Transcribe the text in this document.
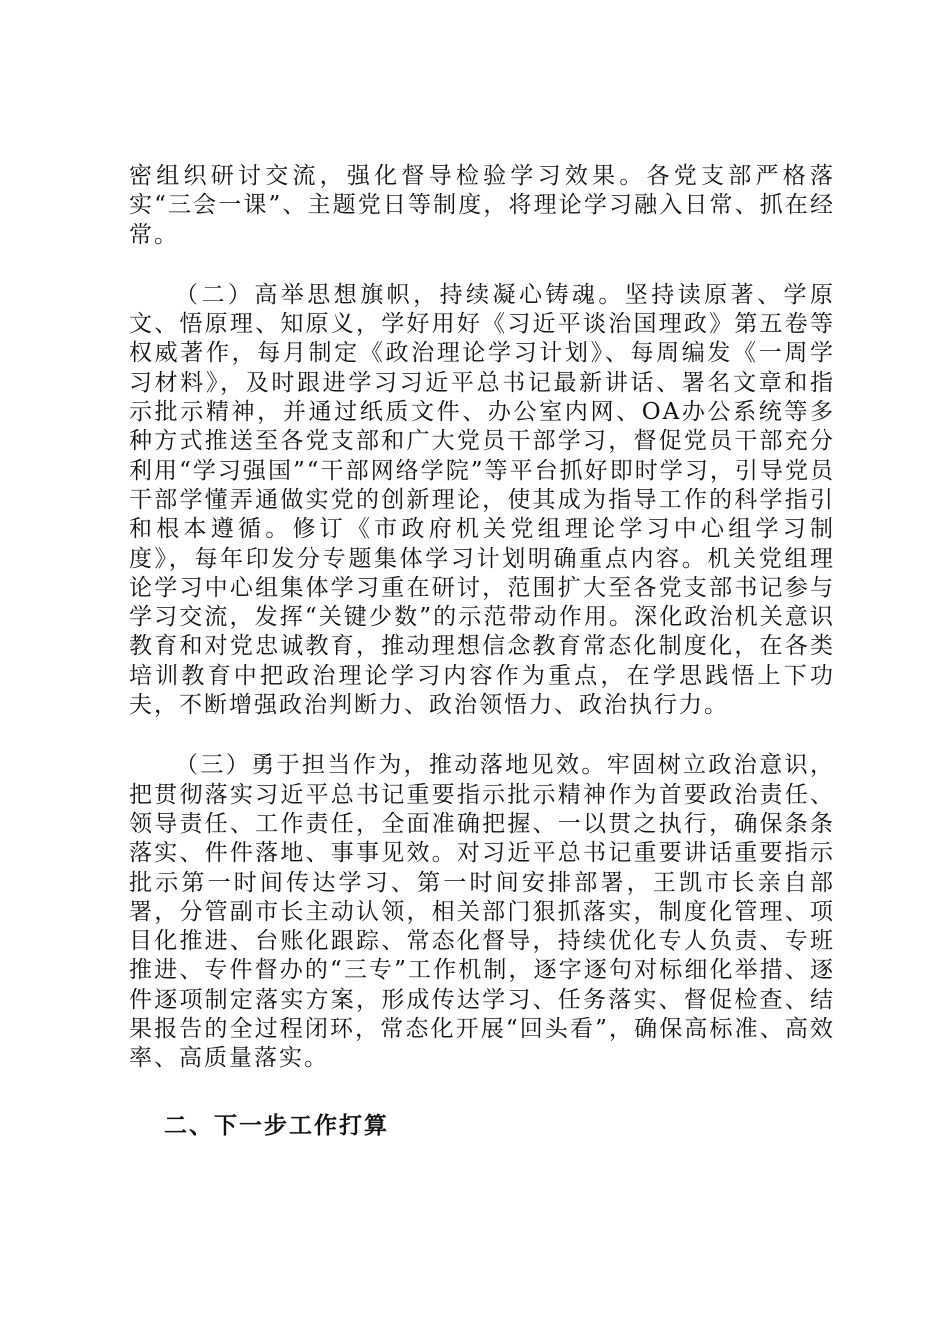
密组织研讨交流，强化督导检验学习效果。各党支部严格落实“三会一课”、主题党日等制度，将理论学习融入日常、抓在经常。

（二）高举思想旗帜，持续凝心铸魂。坚持读原著、学原文、悟原理、知原义，学好用好《习近平谈治国理政》第五卷等权威著作，每月制定《政治理论学习计划》、每周编发《一周学习材料》，及时跟进学习习近平总书记最新讲话、署名文章和指示批示精神，并通过纸质文件、办公室内网、OA办公系统等多种方式推送至各党支部和广大党员干部学习，督促党员干部充分利用“学习强国”“干部网络学院”等平台抓好即时学习，引导党员干部学懂弄通做实党的创新理论，使其成为指导工作的科学指引和根本遵循。修订《市政府机关党组理论学习中心组学习制度》，每年印发分专题集体学习计划明确重点内容。机关党组理论学习中心组集体学习重在研讨，范围扩大至各党支部书记参与学习交流，发挥“关键少数”的示范带动作用。深化政治机关意识教育和对党忠诚教育，推动理想信念教育常态化制度化，在各类培训教育中把政治理论学习内容作为重点，在学思践悟上下功夫，不断增强政治判断力、政治领悟力、政治执行力。

（三）勇于担当作为，推动落地见效。牢固树立政治意识，把贯彻落实习近平总书记重要指示批示精神作为首要政治责任、领导责任、工作责任，全面准确把握、一以贯之执行，确保条条落实、件件落地、事事见效。对习近平总书记重要讲话重要指示批示第一时间传达学习、第一时间安排部署，王凯市长亲自部署，分管副市长主动认领，相关部门狠抓落实，制度化管理、项目化推进、台账化跟踪、常态化督导，持续优化专人负责、专班推进、专件督办的“三专”工作机制，逐字逐句对标细化举措、逐件逐项制定落实方案，形成传达学习、任务落实、督促检查、结果报告的全过程闭环，常态化开展“回头看”，确保高标准、高效率、高质量落实。

二、下一步工作打算
